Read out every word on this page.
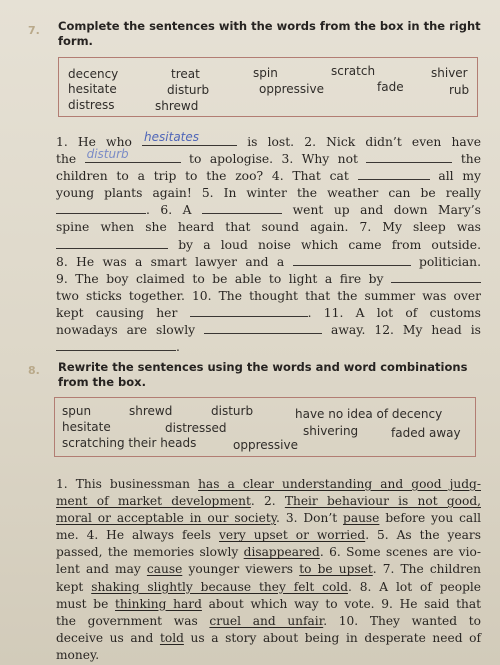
7. Complete the sentences with the words from the box in the right form.
decency	treat	spin	scratch	shiver
hesitate	disturb	oppressive	fade	rub
distress	shrewd
1. He who hesitates	is lost. 2. Nick didn’t even have
the disturb	to apologise. 3. Why not	the
children to a trip to the zoo? 4. That cat	all my
young plants again! 5. In winter the weather can be really
. 6. A	went up and down Mary’s
spine when she heard that sound again. 7. My sleep was
by a loud noise which came from outside.
8. He was a smart lawyer and a	politician.
9. The boy claimed to be able to light a fire by
two sticks together. 10. The thought that the summer was over
kept causing her	. 11. A lot of customs
nowadays are slowly	away. 12. My head is
.
8. Rewrite the sentences using the words and word combinations from the box.
spun	shrewd	disturb	have no idea of decency
hesitate	distressed	shivering	faded away
scratching their heads	oppressive
1. This businessman has a clear understanding and good judg-
ment of market development. 2. Their behaviour is not good,
moral or acceptable in our society. 3. Don’t pause before you call
me. 4. He always feels very upset or worried. 5. As the years
passed, the memories slowly disappeared. 6. Some scenes are vio-
lent and may cause younger viewers to be upset. 7. The children
kept shaking slightly because they felt cold. 8. A lot of people
must be thinking hard about which way to vote. 9. He said that
the government was cruel and unfair. 10. They wanted to
deceive us and told us a story about being in desperate need of
money.
